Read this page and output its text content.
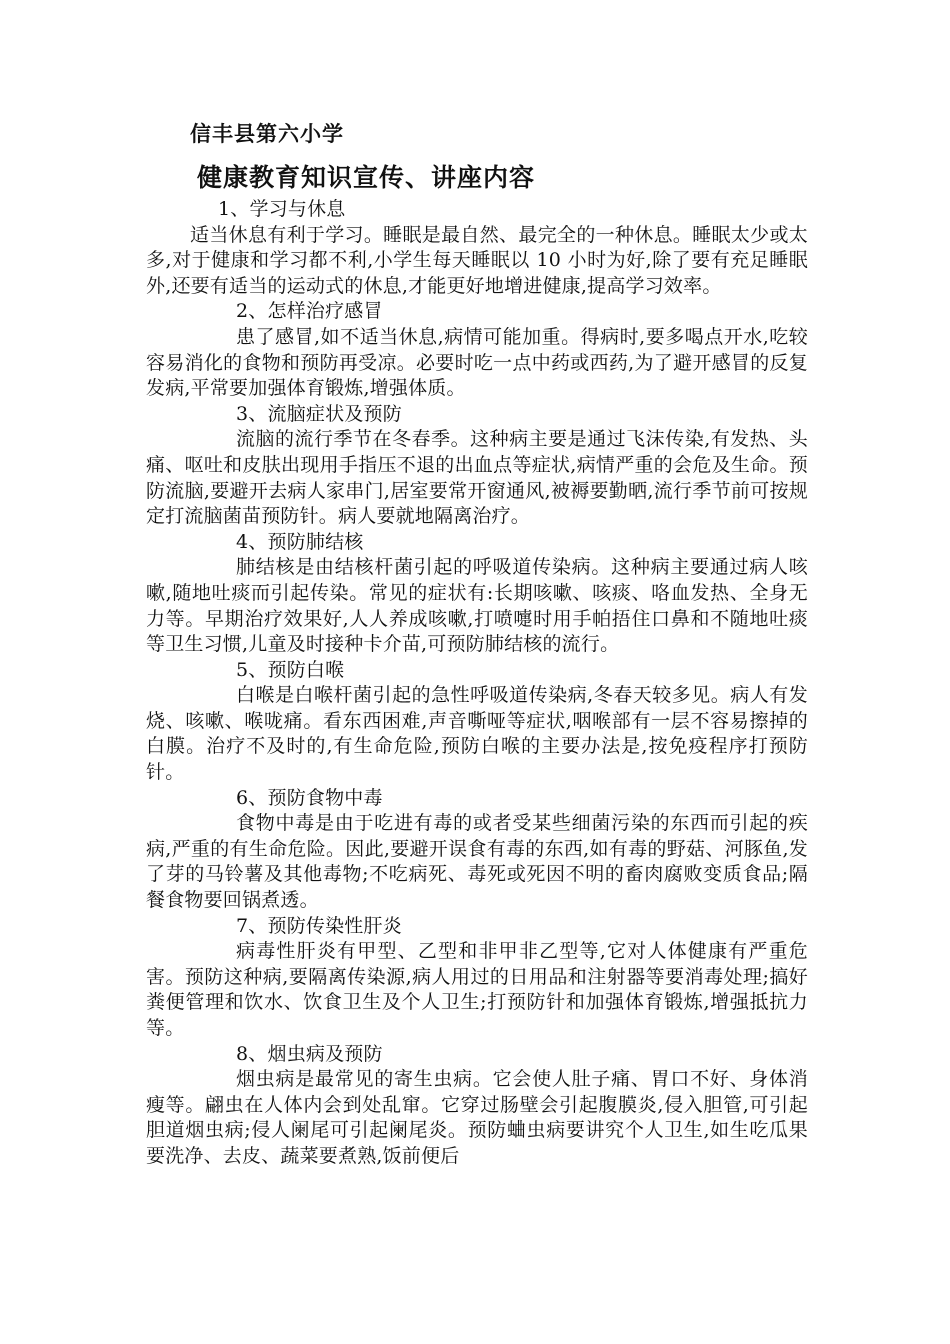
信丰县第六小学
健康教育知识宣传、讲座内容

1、学习与休息

适当休息有利于学习。睡眠是最自然、最完全的一种休息。睡眠太少或太多,对于健康和学习都不利,小学生每天睡眠以 10 小时为好,除了要有充足睡眠外,还要有适当的运动式的休息,才能更好地增进健康,提高学习效率。

2、怎样治疗感冒

患了感冒,如不适当休息,病情可能加重。得病时,要多喝点开水,吃较容易消化的食物和预防再受凉。必要时吃一点中药或西药,为了避开感冒的反复发病,平常要加强体育锻炼,增强体质。

3、流脑症状及预防

流脑的流行季节在冬春季。这种病主要是通过飞沫传染,有发热、头痛、呕吐和皮肤出现用手指压不退的出血点等症状,病情严重的会危及生命。预防流脑,要避开去病人家串门,居室要常开窗通风,被褥要勤晒,流行季节前可按规定打流脑菌苗预防针。病人要就地隔离治疗。

4、预防肺结核

肺结核是由结核杆菌引起的呼吸道传染病。这种病主要通过病人咳嗽,随地吐痰而引起传染。常见的症状有:长期咳嗽、咳痰、咯血发热、全身无力等。早期治疗效果好,人人养成咳嗽,打喷嚏时用手帕捂住口鼻和不随地吐痰等卫生习惯,儿童及时接种卡介苗,可预防肺结核的流行。

5、预防白喉

白喉是白喉杆菌引起的急性呼吸道传染病,冬春天较多见。病人有发烧、咳嗽、喉咙痛。看东西困难,声音嘶哑等症状,咽喉部有一层不容易擦掉的白膜。治疗不及时的,有生命危险,预防白喉的主要办法是,按免疫程序打预防针。

6、预防食物中毒

食物中毒是由于吃进有毒的或者受某些细菌污染的东西而引起的疾病,严重的有生命危险。因此,要避开误食有毒的东西,如有毒的野菇、河豚鱼,发了芽的马铃薯及其他毒物;不吃病死、毒死或死因不明的畜肉腐败变质食品;隔餐食物要回锅煮透。

7、预防传染性肝炎

病毒性肝炎有甲型、乙型和非甲非乙型等,它对人体健康有严重危害。预防这种病,要隔离传染源,病人用过的日用品和注射器等要消毒处理;搞好粪便管理和饮水、饮食卫生及个人卫生;打预防针和加强体育锻炼,增强抵抗力等。

8、烟虫病及预防

烟虫病是最常见的寄生虫病。它会使人肚子痛、胃口不好、身体消瘦等。翩虫在人体内会到处乱窜。它穿过肠壁会引起腹膜炎,侵入胆管,可引起胆道烟虫病;侵人阑尾可引起阑尾炎。预防蛐虫病要讲究个人卫生,如生吃瓜果要洗净、去皮、蔬菜要煮熟,饭前便后
